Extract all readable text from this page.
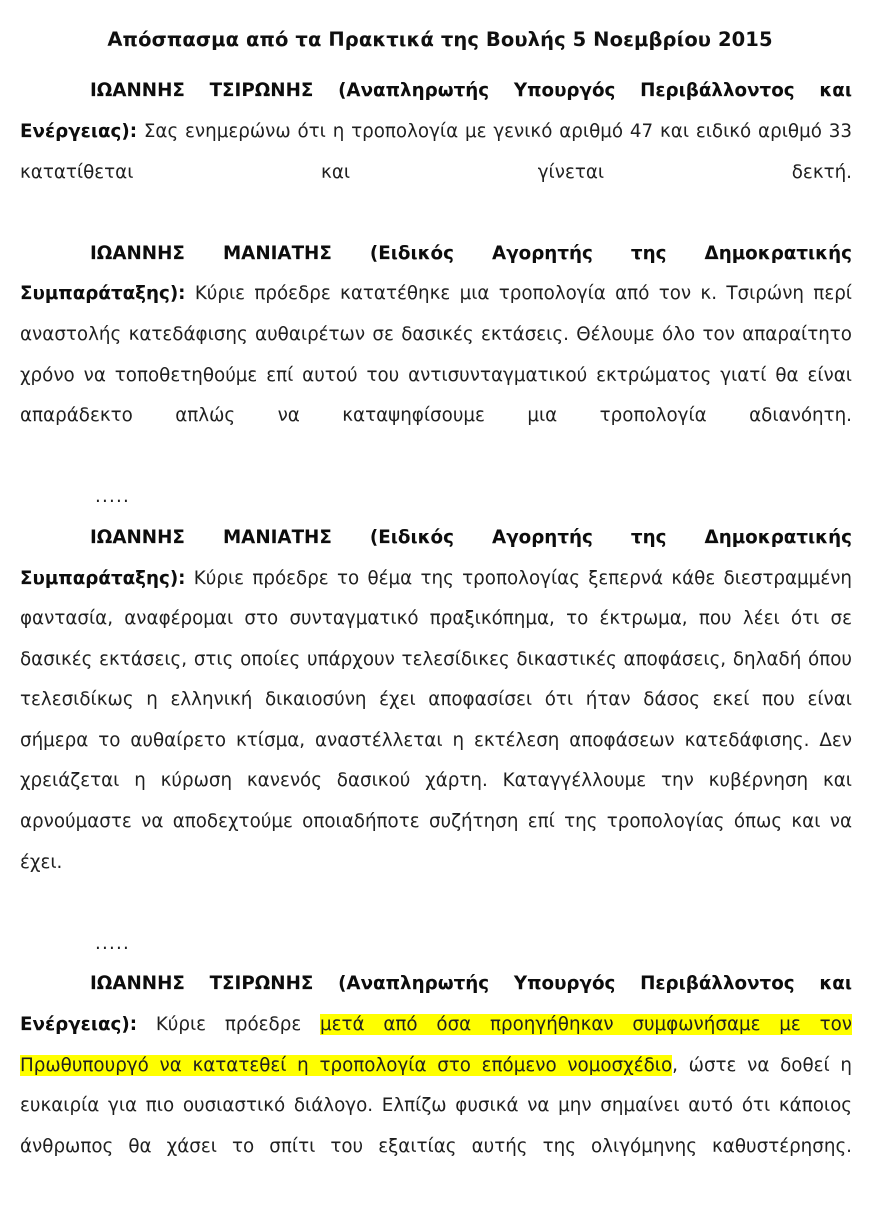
Απόσπασμα από τα Πρακτικά της Βουλής 5 Νοεμβρίου 2015

ΙΩΑΝΝΗΣ ΤΣΙΡΩΝΗΣ (Αναπληρωτής Υπουργός Περιβάλλοντος και Ενέργειας): Σας ενημερώνω ότι η τροπολογία με γενικό αριθμό 47 και ειδικό αριθμό 33 κατατίθεται και γίνεται δεκτή.

ΙΩΑΝΝΗΣ ΜΑΝΙΑΤΗΣ (Ειδικός Αγορητής της Δημοκρατικής Συμπαράταξης): Κύριε πρόεδρε κατατέθηκε μια τροπολογία από τον κ. Τσιρώνη περί αναστολής κατεδάφισης αυθαιρέτων σε δασικές εκτάσεις. Θέλουμε όλο τον απαραίτητο χρόνο να τοποθετηθούμε επί αυτού του αντισυνταγματικού εκτρώματος γιατί θα είναι απαράδεκτο απλώς να καταψηφίσουμε μια τροπολογία αδιανόητη.

.....

ΙΩΑΝΝΗΣ ΜΑΝΙΑΤΗΣ (Ειδικός Αγορητής της Δημοκρατικής Συμπαράταξης): Κύριε πρόεδρε το θέμα της τροπολογίας ξεπερνά κάθε διεστραμμένη φαντασία, αναφέρομαι στο συνταγματικό πραξικόπημα, το έκτρωμα, που λέει ότι σε δασικές εκτάσεις, στις οποίες υπάρχουν τελεσίδικες δικαστικές αποφάσεις, δηλαδή όπου τελεσιδίκως η ελληνική δικαιοσύνη έχει αποφασίσει ότι ήταν δάσος εκεί που είναι σήμερα το αυθαίρετο κτίσμα, αναστέλλεται η εκτέλεση αποφάσεων κατεδάφισης. Δεν χρειάζεται η κύρωση κανενός δασικού χάρτη. Καταγγέλλουμε την κυβέρνηση και αρνούμαστε να αποδεχτούμε οποιαδήποτε συζήτηση επί της τροπολογίας όπως και να έχει.

.....

ΙΩΑΝΝΗΣ ΤΣΙΡΩΝΗΣ (Αναπληρωτής Υπουργός Περιβάλλοντος και Ενέργειας): Κύριε πρόεδρε μετά από όσα προηγήθηκαν συμφωνήσαμε με τον Πρωθυπουργό να κατατεθεί η τροπολογία στο επόμενο νομοσχέδιο, ώστε να δοθεί η ευκαιρία για πιο ουσιαστικό διάλογο. Ελπίζω φυσικά να μην σημαίνει αυτό ότι κάποιος άνθρωπος θα χάσει το σπίτι του εξαιτίας αυτής της ολιγόμηνης καθυστέρησης.
